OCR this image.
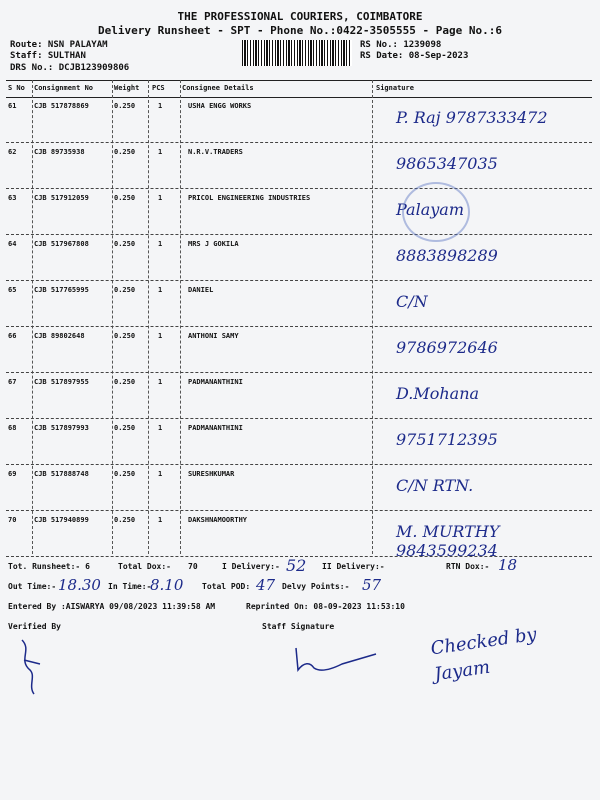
THE PROFESSIONAL COURIERS, COIMBATORE
Delivery Runsheet - SPT - Phone No.:0422-3505555 - Page No.:6
Route: NSN PALAYAM
Staff: SULTHAN
DRS No.: DCJB123909806
RS No.: 1239098
RS Date: 08-Sep-2023
S No Consignment No	Weight PCS Consignee Details	Signature
61	CJB 517878869	0.250	1	USHA ENGG WORKS
P. Raj 9787333472
62	CJB 89735938	0.250	1	N.R.V.TRADERS
9865347035
63	CJB 517912059	0.250	1	PRICOL ENGINEERING INDUSTRIES
Palayam
64	CJB 517967808	0.250	1	MRS J GOKILA
8883898289
65	CJB 517765995	0.250	1	DANIEL
C/N
66	CJB 89802648	0.250	1	ANTHONI SAMY
9786972646
67	CJB 517897955	0.250	1	PADMANANTHINI
D.Mohana
68	CJB 517897993	0.250	1	PADMANANTHINI
9751712395
69	CJB 517888748	0.250	1	SURESHKUMAR
C/N RTN.
70	CJB 517940899	0.250	1	DAKSHNAMOORTHY
M. MURTHY 9843599234
Tot. Runsheet:- 6	Total Dox:- 70	I Delivery:- 52 II Delivery:-	RTN Dox:- 18
Out Time:- 18.30 In Time:-
8.10 Total POD: 47 Delvy Points:- 57
Entered By :AISWARYA 09/08/2023 11:39:58 AM	Reprinted On: 08-09-2023 11:53:10
Verified By	Staff Signature	Checked by Jayam
